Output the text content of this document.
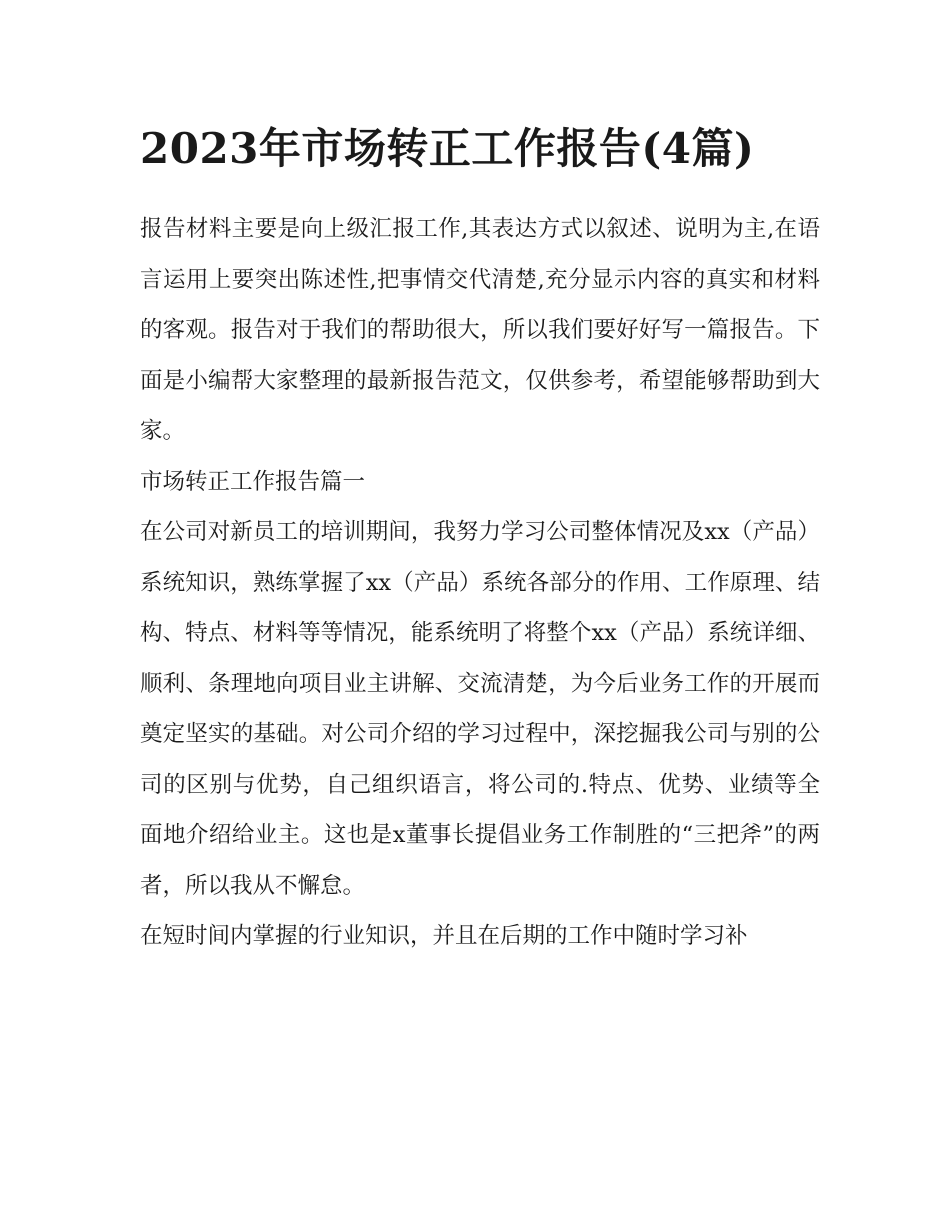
2023年市场转正工作报告(4篇)

报告材料主要是向上级汇报工作,其表达方式以叙述、说明为主,在语言运用上要突出陈述性,把事情交代清楚,充分显示内容的真实和材料的客观。报告对于我们的帮助很大，所以我们要好好写一篇报告。下面是小编帮大家整理的最新报告范文，仅供参考，希望能够帮助到大家。

市场转正工作报告篇一

在公司对新员工的培训期间，我努力学习公司整体情况及xx（产品）系统知识，熟练掌握了xx（产品）系统各部分的作用、工作原理、结构、特点、材料等等情况，能系统明了将整个xx（产品）系统详细、顺利、条理地向项目业主讲解、交流清楚，为今后业务工作的开展而奠定坚实的基础。对公司介绍的学习过程中，深挖掘我公司与别的公司的区别与优势，自己组织语言，将公司的.特点、优势、业绩等全面地介绍给业主。这也是x董事长提倡业务工作制胜的“三把斧”的两者，所以我从不懈怠。

在短时间内掌握的行业知识，并且在后期的工作中随时学习补
